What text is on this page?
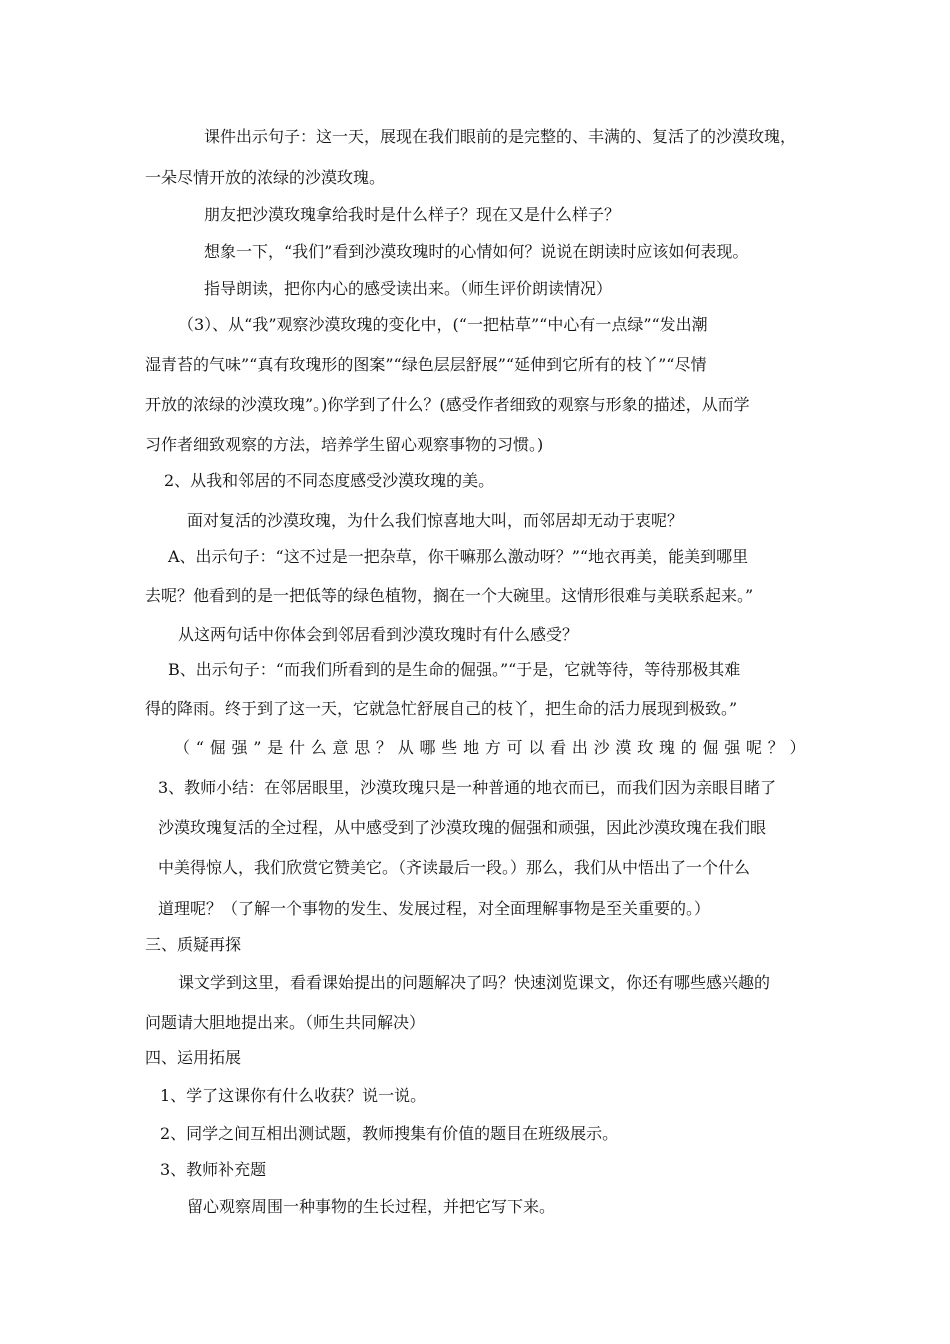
课件出示句子：这一天，展现在我们眼前的是完整的、丰满的、复活了的沙漠玫瑰，
一朵尽情开放的浓绿的沙漠玫瑰。
朋友把沙漠玫瑰拿给我时是什么样子？现在又是什么样子？
想象一下，“我们”看到沙漠玫瑰时的心情如何？说说在朗读时应该如何表现。
指导朗读，把你内心的感受读出来。（师生评价朗读情况）
（3）、从“我”观察沙漠玫瑰的变化中，(“一把枯草”“中心有一点绿”“发出潮
湿青苔的气味”“真有玫瑰形的图案”“绿色层层舒展”“延伸到它所有的枝丫”“尽情
开放的浓绿的沙漠玫瑰”。)你学到了什么？(感受作者细致的观察与形象的描述，从而学
习作者细致观察的方法，培养学生留心观察事物的习惯。)
2、从我和邻居的不同态度感受沙漠玫瑰的美。
面对复活的沙漠玫瑰，为什么我们惊喜地大叫，而邻居却无动于衷呢？
A、出示句子：“这不过是一把杂草，你干嘛那么激动呀？”“地衣再美，能美到哪里
去呢？他看到的是一把低等的绿色植物，搁在一个大碗里。这情形很难与美联系起来。”
从这两句话中你体会到邻居看到沙漠玫瑰时有什么感受？
B、出示句子：“而我们所看到的是生命的倔强。”“于是，它就等待，等待那极其难
得的降雨。终于到了这一天，它就急忙舒展自己的枝丫，把生命的活力展现到极致。”
（ “ 倔 强 ” 是 什 么 意 思 ？ 从 哪 些 地 方 可 以 看 出 沙 漠 玫 瑰 的 倔 强 呢 ？ ）
3、教师小结：在邻居眼里，沙漠玫瑰只是一种普通的地衣而已，而我们因为亲眼目睹了
沙漠玫瑰复活的全过程，从中感受到了沙漠玫瑰的倔强和顽强，因此沙漠玫瑰在我们眼
中美得惊人，我们欣赏它赞美它。（齐读最后一段。）那么，我们从中悟出了一个什么
道理呢？（了解一个事物的发生、发展过程，对全面理解事物是至关重要的。）
三、质疑再探
课文学到这里，看看课始提出的问题解决了吗？快速浏览课文，你还有哪些感兴趣的
问题请大胆地提出来。（师生共同解决）
四、运用拓展
1、学了这课你有什么收获？说一说。
2、同学之间互相出测试题，教师搜集有价值的题目在班级展示。
3、教师补充题
留心观察周围一种事物的生长过程，并把它写下来。
